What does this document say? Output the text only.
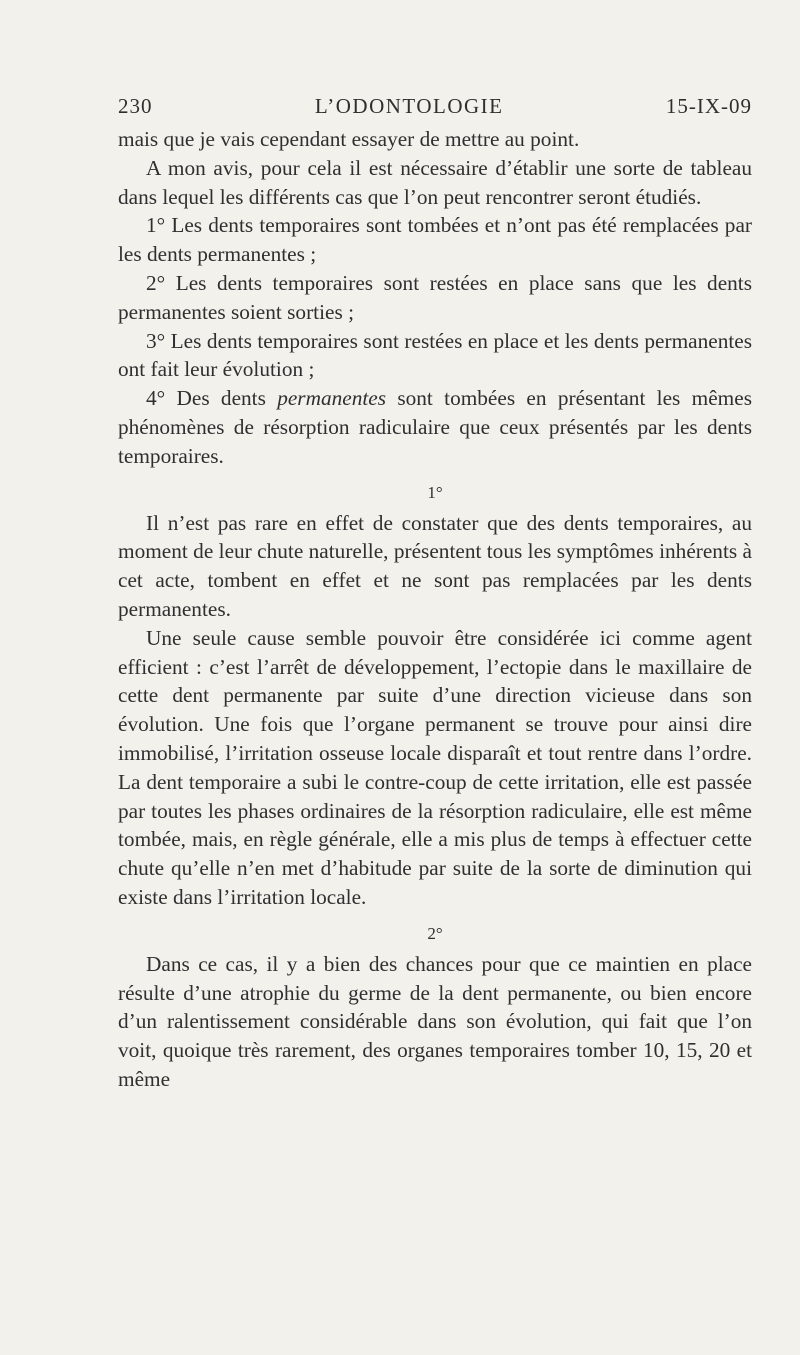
230	L’ODONTOLOGIE	15-IX-09

mais que je vais cependant essayer de mettre au point.

A mon avis, pour cela il est nécessaire d’établir une sorte de tableau dans lequel les différents cas que l’on peut rencontrer seront étudiés.

1° Les dents temporaires sont tombées et n’ont pas été remplacées par les dents permanentes ;

2° Les dents temporaires sont restées en place sans que les dents permanentes soient sorties ;

3° Les dents temporaires sont restées en place et les dents permanentes ont fait leur évolution ;

4° Des dents permanentes sont tombées en présentant les mêmes phénomènes de résorption radiculaire que ceux présentés par les dents temporaires.

1°

Il n’est pas rare en effet de constater que des dents temporaires, au moment de leur chute naturelle, présentent tous les symptômes inhérents à cet acte, tombent en effet et ne sont pas remplacées par les dents permanentes.

Une seule cause semble pouvoir être considérée ici comme agent efficient : c’est l’arrêt de développement, l’ectopie dans le maxillaire de cette dent permanente par suite d’une direction vicieuse dans son évolution. Une fois que l’organe permanent se trouve pour ainsi dire immobilisé, l’irritation osseuse locale disparaît et tout rentre dans l’ordre. La dent temporaire a subi le contre-coup de cette irritation, elle est passée par toutes les phases ordinaires de la résorption radiculaire, elle est même tombée, mais, en règle générale, elle a mis plus de temps à effectuer cette chute qu’elle n’en met d’habitude par suite de la sorte de diminution qui existe dans l’irritation locale.

2°

Dans ce cas, il y a bien des chances pour que ce maintien en place résulte d’une atrophie du germe de la dent permanente, ou bien encore d’un ralentissement considérable dans son évolution, qui fait que l’on voit, quoique très rarement, des organes temporaires tomber 10, 15, 20 et même
